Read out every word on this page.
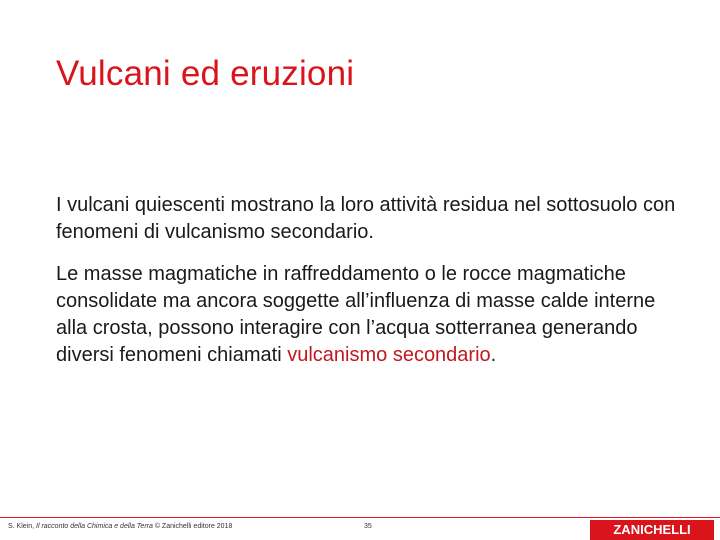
Vulcani ed eruzioni

I vulcani quiescenti mostrano la loro attività residua nel sottosuolo con fenomeni di vulcanismo secondario.

Le masse magmatiche in raffreddamento o le rocce magmatiche consolidate ma ancora soggette all’influenza di masse calde interne alla crosta, possono interagire con l’acqua sotterranea generando diversi fenomeni chiamati vulcanismo secondario.

S. Klein, Il racconto della Chimica e della Terra © Zanichelli editore 2018	35	ZANICHELLI
